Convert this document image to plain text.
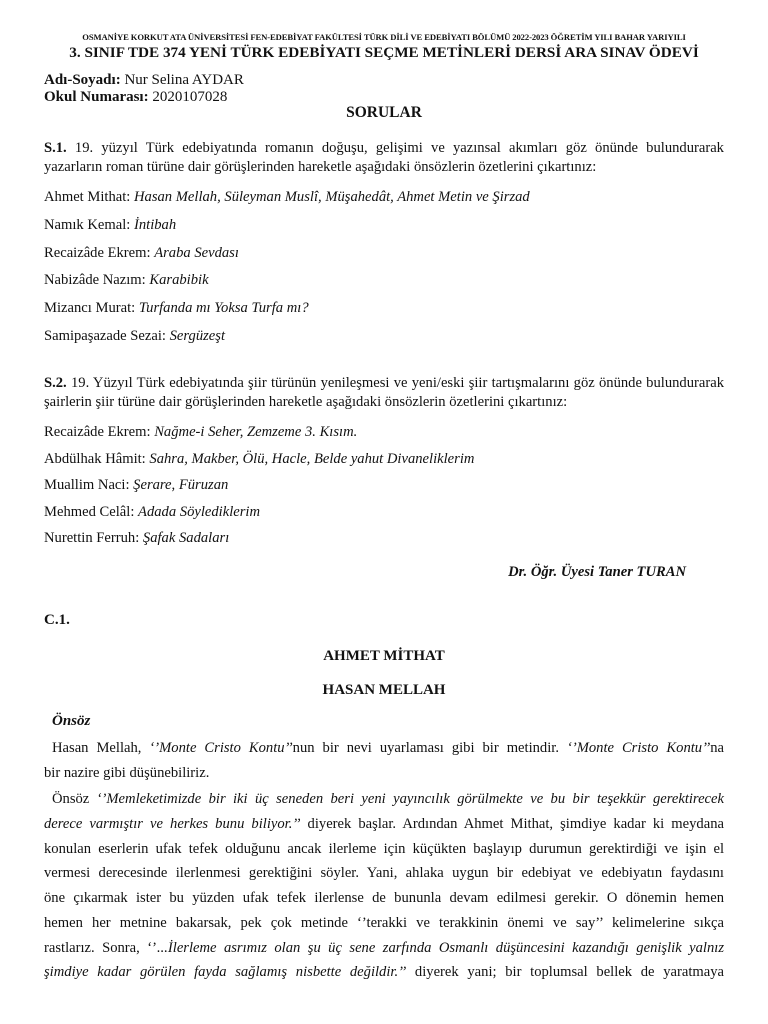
OSMANİYE KORKUT ATA ÜNİVERSİTESİ FEN-EDEBİYAT FAKÜLTESİ TÜRK DİLİ VE EDEBİYATI BÖLÜMÜ 2022-2023 ÖĞRETİM YILI BAHAR YARIYILI
3. SINIF TDE 374 YENİ TÜRK EDEBİYATI SEÇME METİNLERİ DERSİ ARA SINAV ÖDEVİ
Adı-Soyadı: Nur Selina AYDAR
Okul Numarası: 2020107028
SORULAR
S.1. 19. yüzyıl Türk edebiyatında romanın doğuşu, gelişimi ve yazınsal akımları göz önünde bulundurarak yazarların roman türüne dair görüşlerinden hareketle aşağıdaki önsözlerin özetlerini çıkartınız:
Ahmet Mithat: Hasan Mellah, Süleyman Muslî, Müşahedât, Ahmet Metin ve Şirzad
Namık Kemal: İntibah
Recaizâde Ekrem: Araba Sevdası
Nabizâde Nazım: Karabibik
Mizancı Murat: Turfanda mı Yoksa Turfa mı?
Samipaşazade Sezai: Sergüzeşt
S.2. 19. Yüzyıl Türk edebiyatında şiir türünün yenileşmesi ve yeni/eski şiir tartışmalarını göz önünde bulundurarak şairlerin şiir türüne dair görüşlerinden hareketle aşağıdaki önsözlerin özetlerini çıkartınız:
Recaizâde Ekrem: Nağme-i Seher, Zemzeme 3. Kısım.
Abdülhak Hâmit: Sahra, Makber, Ölü, Hacle, Belde yahut Divaneliklerim
Muallim Naci: Şerare, Füruzan
Mehmed Celâl: Adada Söylediklerim
Nurettin Ferruh: Şafak Sadaları
Dr. Öğr. Üyesi Taner TURAN
C.1.
AHMET MİTHAT
HASAN MELLAH
Önsöz
Hasan Mellah, ‘’Monte Cristo Kontu’’nun bir nevi uyarlaması gibi bir metindir. ‘’Monte Cristo Kontu’’na
bir nazire gibi düşünebiliriz.
Önsöz ‘’Memleketimizde bir iki üç seneden beri yeni yayıncılık görülmekte ve bu bir teşekkür gerektirecek
derece varmıştır ve herkes bunu biliyor.’’ diyerek başlar. Ardından Ahmet Mithat, şimdiye kadar ki meydana
konulan eserlerin ufak tefek olduğunu ancak ilerleme için küçükten başlayıp durumun gerektirdiği ve işin el
vermesi derecesinde ilerlenmesi gerektiğini söyler. Yani, ahlaka uygun bir edebiyat ve edebiyatın faydasını
öne çıkarmak ister bu yüzden ufak tefek ilerlense de bununla devam edilmesi gerekir. O dönemin hemen
hemen her metnine bakarsak, pek çok metinde ‘’terakki ve terakkinin önemi ve say’’ kelimelerine sıkça
rastlarız. Sonra, ‘’...İlerleme asrımız olan şu üç sene zarfında Osmanlı düşüncesini kazandığı genişlik yalnız
şimdiye kadar görülen fayda sağlamış nisbette değildir.’’ diyerek yani; bir toplumsal bellek de yaratmaya
